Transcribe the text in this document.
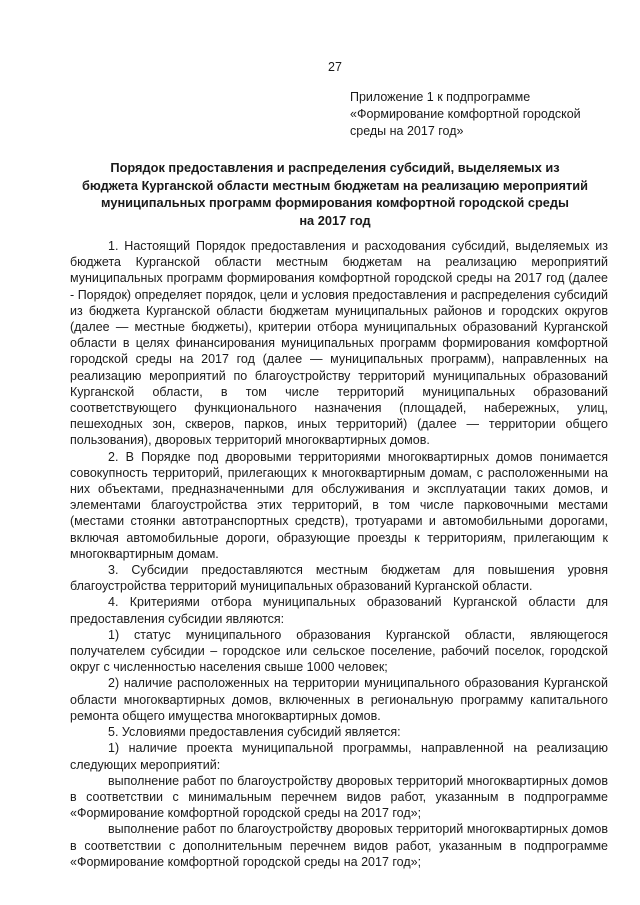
27
Приложение 1 к подпрограмме
«Формирование комфортной городской
среды на 2017 год»
Порядок предоставления и распределения субсидий, выделяемых из
бюджета Курганской области местным бюджетам на реализацию мероприятий
муниципальных программ формирования комфортной городской среды
на 2017 год

1. Настоящий Порядок предоставления и расходования субсидий, выделяемых из бюджета Курганской области местным бюджетам на реализацию мероприятий муниципальных программ формирования комфортной городской среды на 2017 год (далее - Порядок) определяет порядок, цели и условия предоставления и распределения субсидий из бюджета Курганской области бюджетам муниципальных районов и городских округов (далее — местные бюджеты), критерии отбора муниципальных образований Курганской области в целях финансирования муниципальных программ формирования комфортной городской среды на 2017 год (далее — муниципальных программ), направленных на реализацию мероприятий по благоустройству территорий муниципальных образований Курганской области, в том числе территорий муниципальных образований соответствующего функционального назначения (площадей, набережных, улиц, пешеходных зон, скверов, парков, иных территорий) (далее — территории общего пользования), дворовых территорий многоквартирных домов.

2. В Порядке под дворовыми территориями многоквартирных домов понимается совокупность территорий, прилегающих к многоквартирным домам, с расположенными на них объектами, предназначенными для обслуживания и эксплуатации таких домов, и элементами благоустройства этих территорий, в том числе парковочными местами (местами стоянки автотранспортных средств), тротуарами и автомобильными дорогами, включая автомобильные дороги, образующие проезды к территориям, прилегающим к многоквартирным домам.

3. Субсидии предоставляются местным бюджетам для повышения уровня благоустройства территорий муниципальных образований Курганской области.

4. Критериями отбора муниципальных образований Курганской области для предоставления субсидии являются:

1) статус муниципального образования Курганской области, являющегося получателем субсидии – городское или сельское поселение, рабочий поселок, городской округ с численностью населения свыше 1000 человек;

2) наличие расположенных на территории муниципального образования Курганской области многоквартирных домов, включенных в региональную программу капитального ремонта общего имущества многоквартирных домов.

5. Условиями предоставления субсидий является:

1) наличие проекта муниципальной программы, направленной на реализацию следующих мероприятий:

выполнение работ по благоустройству дворовых территорий многоквартирных домов в соответствии с минимальным перечнем видов работ, указанным в подпрограмме «Формирование комфортной городской среды на 2017 год»;

выполнение работ по благоустройству дворовых территорий многоквартирных домов в соответствии с дополнительным перечнем видов работ, указанным в подпрограмме «Формирование комфортной городской среды на 2017 год»;
